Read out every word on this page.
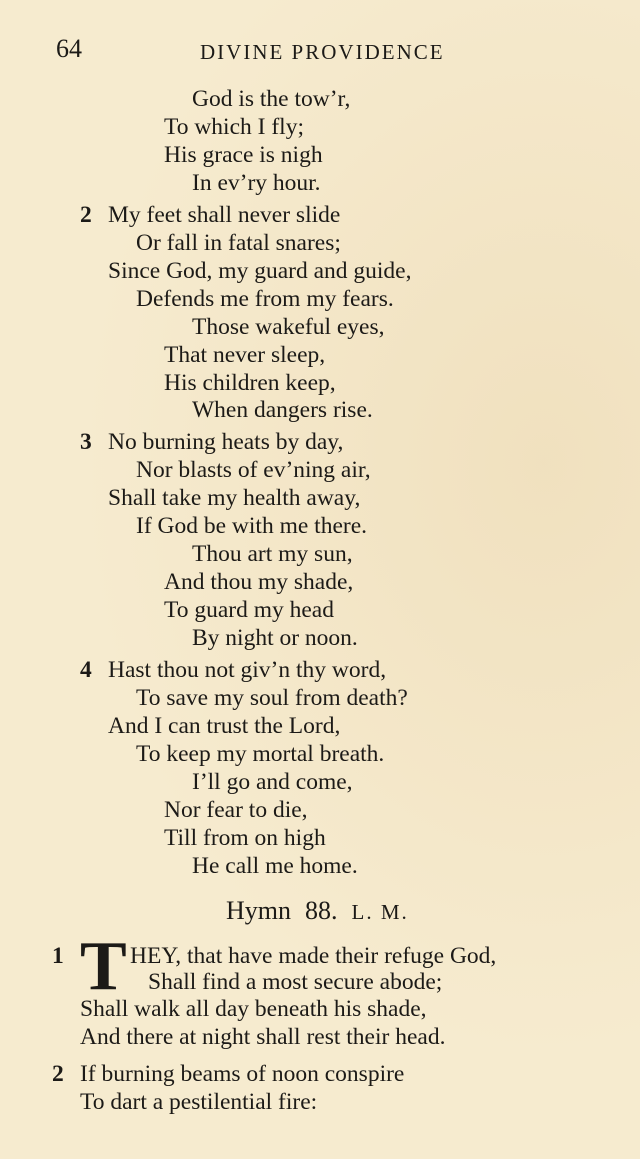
64	DIVINE PROVIDENCE
God is the tow’r,
To which I fly;
His grace is nigh
In ev’ry hour.
2 My feet shall never slide
Or fall in fatal snares;
Since God, my guard and guide,
Defends me from my fears.
Those wakeful eyes,
That never sleep,
His children keep,
When dangers rise.
3 No burning heats by day,
Nor blasts of ev’ning air,
Shall take my health away,
If God be with me there.
Thou art my sun,
And thou my shade,
To guard my head
By night or noon.
4 Hast thou not giv’n thy word,
To save my soul from death?
And I can trust the Lord,
To keep my mortal breath.
I’ll go and come,
Nor fear to die,
Till from on high
He call me home.
Hymn 88. L. M.
1 T HEY, that have made their refuge God,
Shall find a most secure abode;
Shall walk all day beneath his shade,
And there at night shall rest their head.
2 If burning beams of noon conspire
To dart a pestilential fire:
